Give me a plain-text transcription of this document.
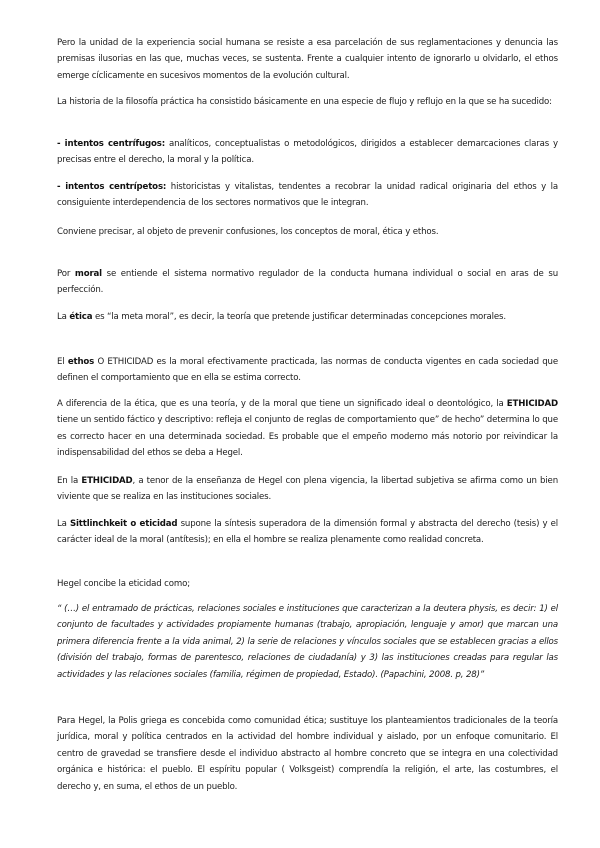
Pero la unidad de la experiencia social humana se resiste a esa parcelación de sus reglamentaciones y denuncia las premisas ilusorias en las que, muchas veces, se sustenta. Frente a cualquier intento de ignorarlo u olvidarlo, el ethos emerge cíclicamente en sucesivos momentos de la evolución cultural.

La historia de la filosofía práctica ha consistido básicamente en una especie de flujo y reflujo en la que se ha sucedido:

- intentos centrífugos: analíticos, conceptualistas o metodológicos, dirigidos a establecer demarcaciones claras y precisas entre el derecho, la moral y la política.

- intentos centrípetos: historicistas y vitalistas, tendentes a recobrar la unidad radical originaria del ethos y la consiguiente interdependencia de los sectores normativos que le integran.

Conviene precisar, al objeto de prevenir confusiones, los conceptos de moral, ética y ethos.

Por moral se entiende el sistema normativo regulador de la conducta humana individual o social en aras de su perfección.

La ética es “la meta moral”, es decir, la teoría que pretende justificar determinadas concepciones morales.

El ethos O ETHICIDAD es la moral efectivamente practicada, las normas de conducta vigentes en cada sociedad que definen el comportamiento que en ella se estima correcto.

A diferencia de la ética, que es una teoría, y de la moral que tiene un significado ideal o deontológico, la ETHICIDAD tiene un sentido fáctico y descriptivo: refleja el conjunto de reglas de comportamiento que” de hecho” determina lo que es correcto hacer en una determinada sociedad. Es probable que el empeño moderno más notorio por reivindicar la indispensabilidad del ethos se deba a Hegel.

En la ETHICIDAD, a tenor de la enseñanza de Hegel con plena vigencia, la libertad subjetiva se afirma como un bien viviente que se realiza en las instituciones sociales.

La Sittlinchkeit o eticidad supone la síntesis superadora de la dimensión formal y abstracta del derecho (tesis) y el carácter ideal de la moral (antítesis); en ella el hombre se realiza plenamente como realidad concreta.

Hegel concibe la eticidad como;

“ (…) el entramado de prácticas, relaciones sociales e instituciones que caracterizan a la deutera physis, es decir: 1) el conjunto de facultades y actividades propiamente humanas (trabajo, apropiación, lenguaje y amor) que marcan una primera diferencia frente a la vida animal, 2) la serie de relaciones y vínculos sociales que se establecen gracias a ellos (división del trabajo, formas de parentesco, relaciones de ciudadanía) y 3) las instituciones creadas para regular las actividades y las relaciones sociales (familia, régimen de propiedad, Estado). (Papachini, 2008. p, 28)”

Para Hegel, la Polis griega es concebida como comunidad ética; sustituye los planteamientos tradicionales de la teoría jurídica, moral y política centrados en la actividad del hombre individual y aislado, por un enfoque comunitario. El centro de gravedad se transfiere desde el individuo abstracto al hombre concreto que se integra en una colectividad orgánica e histórica: el pueblo. El espíritu popular ( Volksgeist) comprendía la religión, el arte, las costumbres, el derecho y, en suma, el ethos de un pueblo.
